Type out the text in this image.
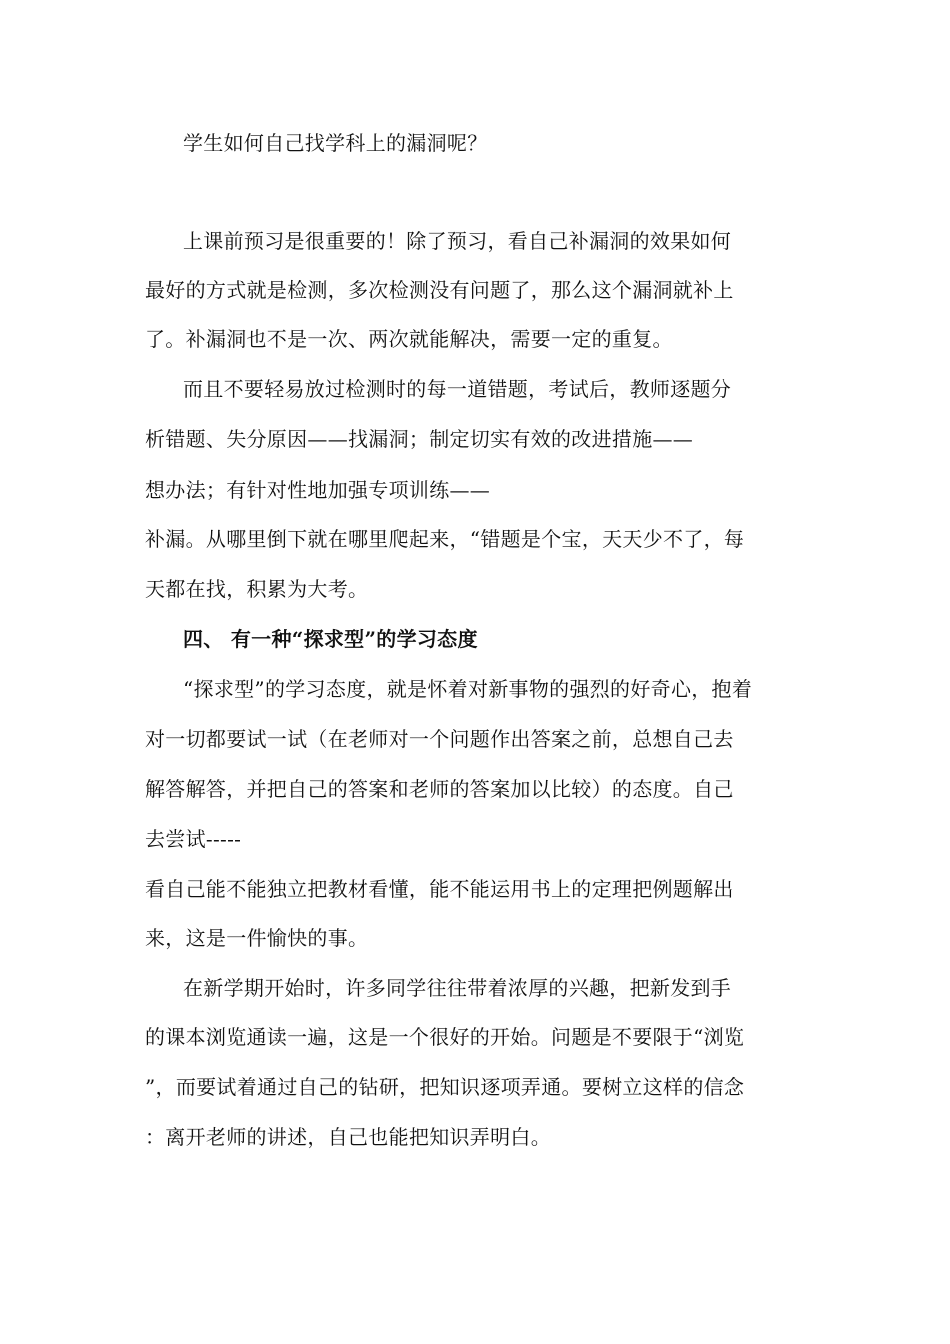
学生如何自己找学科上的漏洞呢？
上课前预习是很重要的！除了预习，看自己补漏洞的效果如何
最好的方式就是检测，多次检测没有问题了，那么这个漏洞就补上
了。补漏洞也不是一次、两次就能解决，需要一定的重复。
而且不要轻易放过检测时的每一道错题，考试后，教师逐题分
析错题、失分原因——找漏洞；制定切实有效的改进措施——
想办法；有针对性地加强专项训练——
补漏。从哪里倒下就在哪里爬起来，“错题是个宝，天天少不了，每
天都在找，积累为大考。
四、 有一种“探求型”的学习态度
“探求型”的学习态度，就是怀着对新事物的强烈的好奇心，抱着
对一切都要试一试（在老师对一个问题作出答案之前，总想自己去
解答解答，并把自己的答案和老师的答案加以比较）的态度。自己
去尝试-----
看自己能不能独立把教材看懂，能不能运用书上的定理把例题解出
来，这是一件愉快的事。
在新学期开始时，许多同学往往带着浓厚的兴趣，把新发到手
的课本浏览通读一遍，这是一个很好的开始。问题是不要限于“浏览
”，而要试着通过自己的钻研，把知识逐项弄通。要树立这样的信念
：离开老师的讲述，自己也能把知识弄明白。
